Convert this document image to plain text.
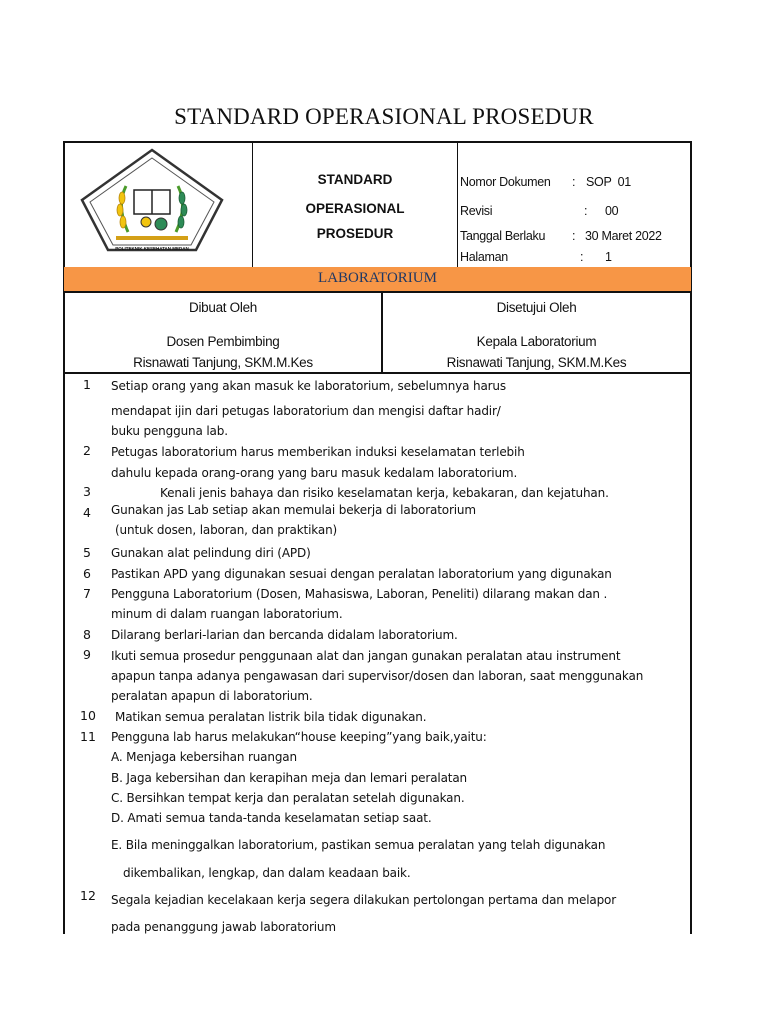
STANDARD OPERASIONAL PROSEDUR
POLITEKNIK KESEHATAN MEDAN
STANDARD
OPERASIONAL
PROSEDUR
Nomor Dokumen : SOP  01
Revisi	: 00
Tanggal Berlaku : 30 Maret 2022
Halaman	: 1
LABORATORIUM
Dibuat Oleh
Dosen Pembimbing
Risnawati Tanjung, SKM.M.Kes
Disetujui Oleh
Kepala Laboratorium
Risnawati Tanjung, SKM.M.Kes
1 Setiap orang yang akan masuk ke laboratorium, sebelumnya harus
mendapat ijin dari petugas laboratorium dan mengisi daftar hadir/
buku pengguna lab.
2 Petugas laboratorium harus memberikan induksi keselamatan terlebih
dahulu kepada orang-orang yang baru masuk kedalam laboratorium.
3	Kenali jenis bahaya dan risiko keselamatan kerja, kebakaran, dan kejatuhan.
4 Gunakan jas Lab setiap akan memulai bekerja di laboratorium
(untuk dosen, laboran, dan praktikan)
5 Gunakan alat pelindung diri (APD)
6 Pastikan APD yang digunakan sesuai dengan peralatan laboratorium yang digunakan
7 Pengguna Laboratorium (Dosen, Mahasiswa, Laboran, Peneliti) dilarang makan dan .
minum di dalam ruangan laboratorium.
8 Dilarang berlari-larian dan bercanda didalam laboratorium.
9 Ikuti semua prosedur penggunaan alat dan jangan gunakan peralatan atau instrument
apapun tanpa adanya pengawasan dari supervisor/dosen dan laboran, saat menggunakan
peralatan apapun di laboratorium.
10 Matikan semua peralatan listrik bila tidak digunakan.
11 Pengguna lab harus melakukan“house keeping”yang baik,yaitu:
A. Menjaga kebersihan ruangan
B. Jaga kebersihan dan kerapihan meja dan lemari peralatan
C. Bersihkan tempat kerja dan peralatan setelah digunakan.
D. Amati semua tanda-tanda keselamatan setiap saat.
E. Bila meninggalkan laboratorium, pastikan semua peralatan yang telah digunakan
dikembalikan, lengkap, dan dalam keadaan baik.
12 Segala kejadian kecelakaan kerja segera dilakukan pertolongan pertama dan melapor
pada penanggung jawab laboratorium
